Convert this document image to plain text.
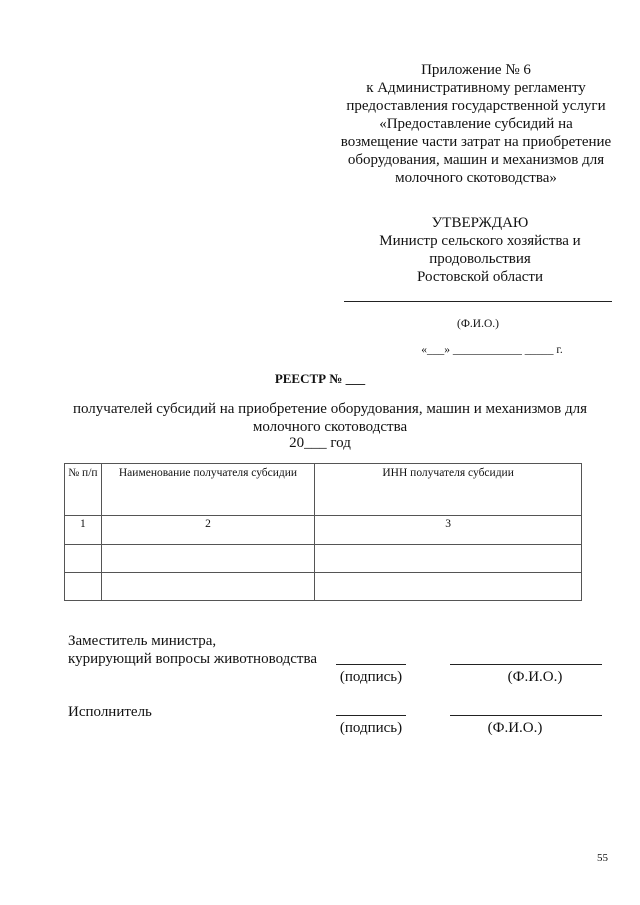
Приложение № 6
к Административному регламенту
предоставления государственной услуги
«Предоставление субсидий на
возмещение части затрат на приобретение
оборудования, машин и механизмов для
молочного скотоводства»
УТВЕРЖДАЮ
Министр сельского хозяйства и
продовольствия
Ростовской области
(Ф.И.О.)
«___» ____________ _____ г.
РЕЕСТР № ___
получателей субсидий на приобретение оборудования, машин и механизмов для
молочного скотоводства
20___ год
№ п/п	Наименование получателя субсидии	ИНН получателя субсидии
1	2	3

Заместитель министра,
курирующий вопросы животноводства
(подпись)	(Ф.И.О.)
Исполнитель
(подпись)	(Ф.И.О.)
55
